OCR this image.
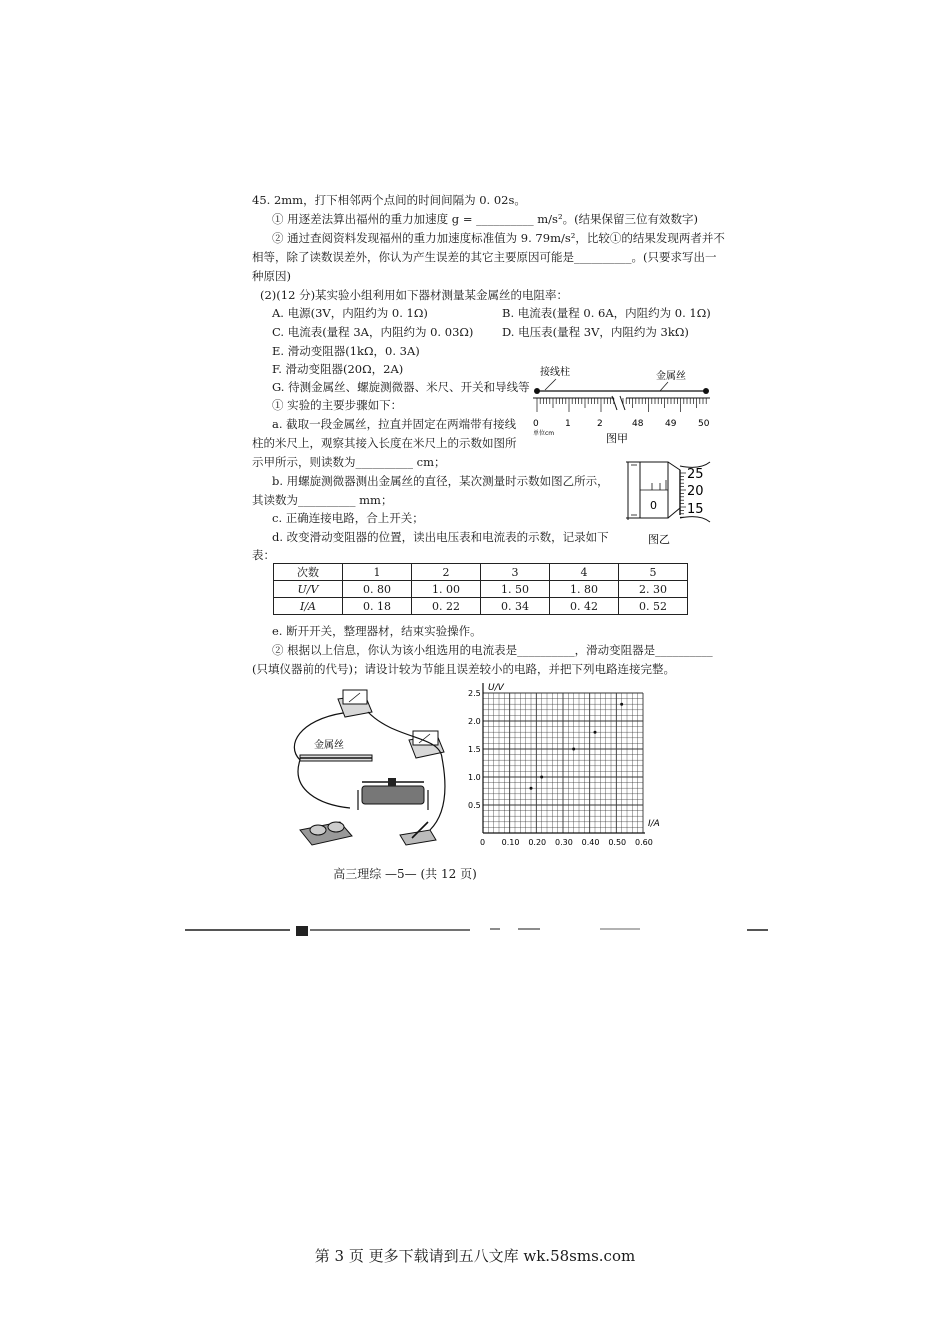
45. 2mm，打下相邻两个点间的时间间隔为 0. 02s。
① 用逐差法算出福州的重力加速度 g = __________ m/s²。(结果保留三位有效数字)
② 通过查阅资料发现福州的重力加速度标准值为 9. 79m/s²，比较①的结果发现两者并不
相等，除了读数误差外，你认为产生误差的其它主要原因可能是__________。(只要求写出一
种原因)
(2)(12 分)某实验小组利用如下器材测量某金属丝的电阻率：
A. 电源(3V，内阻约为 0. 1Ω)	B. 电流表(量程 0. 6A，内阻约为 0. 1Ω)
C. 电流表(量程 3A，内阻约为 0. 03Ω) D. 电压表(量程 3V，内阻约为 3kΩ)
E. 滑动变阻器(1kΩ，0. 3A)
F. 滑动变阻器(20Ω，2A)
G. 待测金属丝、螺旋测微器、米尺、开关和导线等
① 实验的主要步骤如下：
a. 截取一段金属丝，拉直并固定在两端带有接线
柱的米尺上，观察其接入长度在米尺上的示数如图所
示甲所示，则读数为__________ cm；
b. 用螺旋测微器测出金属丝的直径，某次测量时示数如图乙所示，
其读数为__________ mm；
c. 正确连接电路，合上开关；
d. 改变滑动变阻器的位置，读出电压表和电流表的示数，记录如下
表：
e. 断开开关，整理器材，结束实验操作。
② 根据以上信息，你认为该小组选用的电流表是__________，滑动变阻器是__________
(只填仪器前的代号)；请设计较为节能且误差较小的电路，并把下列电路连接完整。
次数	1	2	3	4	5
U/V	0. 80	1. 00	1. 50	1. 80	2. 30
I/A	0. 18	0. 22	0. 34	0. 42	0. 52
接线柱	金属丝
0	1	2	48 49 50
单位cm	图甲
25
20
15
0
图乙
金属丝
U/V
I/A
0 0.10 0.20 0.30 0.40 0.50 0.60
0.5
1.0
1.5
2.0
2.5
高三理综 —5— (共 12 页)
第 3 页 更多下载请到五八文库 wk.58sms.com
